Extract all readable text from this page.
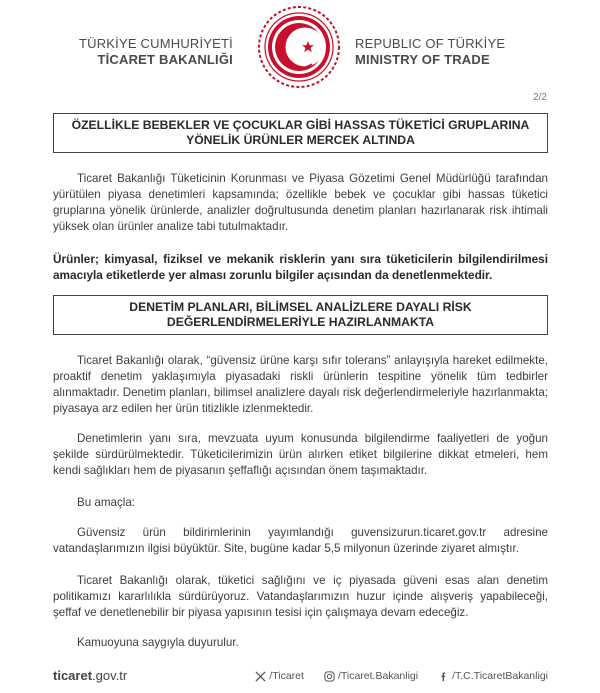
TÜRKİYE CUMHURİYETİ
TİCARET BAKANLIĞI
REPUBLIC OF TÜRKİYE
MINISTRY OF TRADE
2/2
ÖZELLİKLE BEBEKLER VE ÇOCUKLAR GİBİ HASSAS TÜKETİCİ GRUPLARINA
YÖNELİK ÜRÜNLER MERCEK ALTINDA

Ticaret Bakanlığı Tüketicinin Korunması ve Piyasa Gözetimi Genel Müdürlüğü tarafından yürütülen piyasa denetimleri kapsamında; özellikle bebek ve çocuklar gibi hassas tüketici gruplarına yönelik ürünlerde, analizler doğrultusunda denetim planları hazırlanarak risk ihtimali yüksek olan ürünler analize tabi tutulmaktadır.

Ürünler; kimyasal, fiziksel ve mekanik risklerin yanı sıra tüketicilerin bilgilendirilmesi amacıyla etiketlerde yer alması zorunlu bilgiler açısından da denetlenmektedir.

DENETİM PLANLARI, BİLİMSEL ANALİZLERE DAYALI RİSK
DEĞERLENDİRMELERİYLE HAZIRLANMAKTA

Ticaret Bakanlığı olarak, “güvensiz ürüne karşı sıfır tolerans” anlayışıyla hareket edilmekte, proaktif denetim yaklaşımıyla piyasadaki riskli ürünlerin tespitine yönelik tüm tedbirler alınmaktadır. Denetim planları, bilimsel analizlere dayalı risk değerlendirmeleriyle hazırlanmakta; piyasaya arz edilen her ürün titizlikle izlenmektedir.

Denetimlerin yanı sıra, mevzuata uyum konusunda bilgilendirme faaliyetleri de yoğun şekilde sürdürülmektedir. Tüketicilerimizin ürün alırken etiket bilgilerine dikkat etmeleri, hem kendi sağlıkları hem de piyasanın şeffaflığı açısından önem taşımaktadır.

Bu amaçla:

Güvensiz ürün bildirimlerinin yayımlandığı guvensizurun.ticaret.gov.tr adresine vatandaşlarımızın ilgisi büyüktür. Site, bugüne kadar 5,5 milyonun üzerinde ziyaret almıştır.

Ticaret Bakanlığı olarak, tüketici sağlığını ve iç piyasada güveni esas alan denetim politikamızı kararlılıkla sürdürüyoruz. Vatandaşlarımızın huzur içinde alışveriş yapabileceği, şeffaf ve denetlenebilir bir piyasa yapısının tesisi için çalışmaya devam edeceğiz.

Kamuoyuna saygıyla duyurulur.

ticaret.gov.tr	/Ticaret	/Ticaret.Bakanligi	/T.C.TicaretBakanligi
